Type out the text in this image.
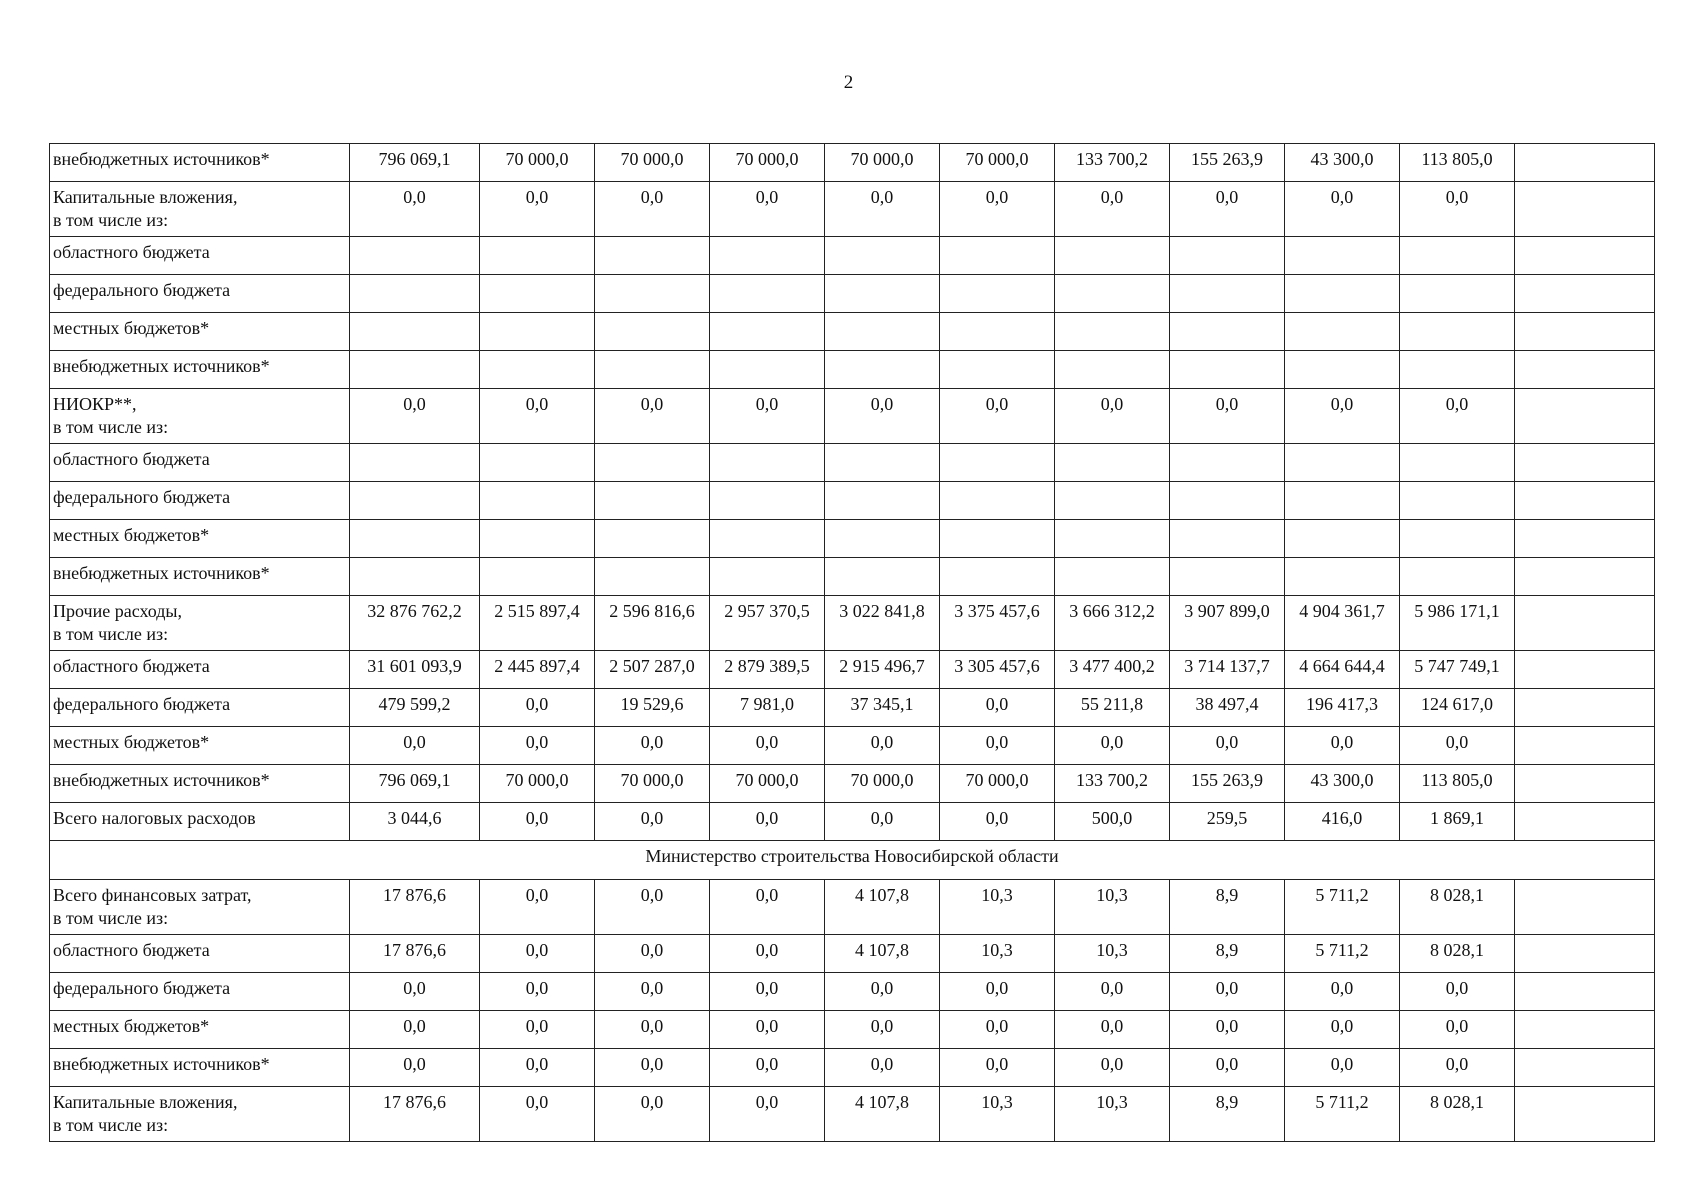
2
внебюджетных источников*	796 069,1	70 000,0	70 000,0	70 000,0	70 000,0	70 000,0	133 700,2	155 263,9	43 300,0	113 805,0	
Капитальные вложения,
в том числе из:	0,0	0,0	0,0	0,0	0,0	0,0	0,0	0,0	0,0	0,0	
областного бюджета											
федерального бюджета											
местных бюджетов*											
внебюджетных источников*											
НИОКР**,
в том числе из:	0,0	0,0	0,0	0,0	0,0	0,0	0,0	0,0	0,0	0,0	
областного бюджета											
федерального бюджета											
местных бюджетов*											
внебюджетных источников*											
Прочие расходы,
в том числе из:	32 876 762,2	2 515 897,4	2 596 816,6	2 957 370,5	3 022 841,8	3 375 457,6	3 666 312,2	3 907 899,0	4 904 361,7	5 986 171,1	
областного бюджета	31 601 093,9	2 445 897,4	2 507 287,0	2 879 389,5	2 915 496,7	3 305 457,6	3 477 400,2	3 714 137,7	4 664 644,4	5 747 749,1	
федерального бюджета	479 599,2	0,0	19 529,6	7 981,0	37 345,1	0,0	55 211,8	38 497,4	196 417,3	124 617,0	
местных бюджетов*	0,0	0,0	0,0	0,0	0,0	0,0	0,0	0,0	0,0	0,0	
внебюджетных источников*	796 069,1	70 000,0	70 000,0	70 000,0	70 000,0	70 000,0	133 700,2	155 263,9	43 300,0	113 805,0	
Всего налоговых расходов	3 044,6	0,0	0,0	0,0	0,0	0,0	500,0	259,5	416,0	1 869,1	
Министерство строительства Новосибирской области											
Всего финансовых затрат,
в том числе из:	17 876,6	0,0	0,0	0,0	4 107,8	10,3	10,3	8,9	5 711,2	8 028,1	
областного бюджета	17 876,6	0,0	0,0	0,0	4 107,8	10,3	10,3	8,9	5 711,2	8 028,1	
федерального бюджета	0,0	0,0	0,0	0,0	0,0	0,0	0,0	0,0	0,0	0,0	
местных бюджетов*	0,0	0,0	0,0	0,0	0,0	0,0	0,0	0,0	0,0	0,0	
внебюджетных источников*	0,0	0,0	0,0	0,0	0,0	0,0	0,0	0,0	0,0	0,0	
Капитальные вложения,
в том числе из:	17 876,6	0,0	0,0	0,0	4 107,8	10,3	10,3	8,9	5 711,2	8 028,1	
